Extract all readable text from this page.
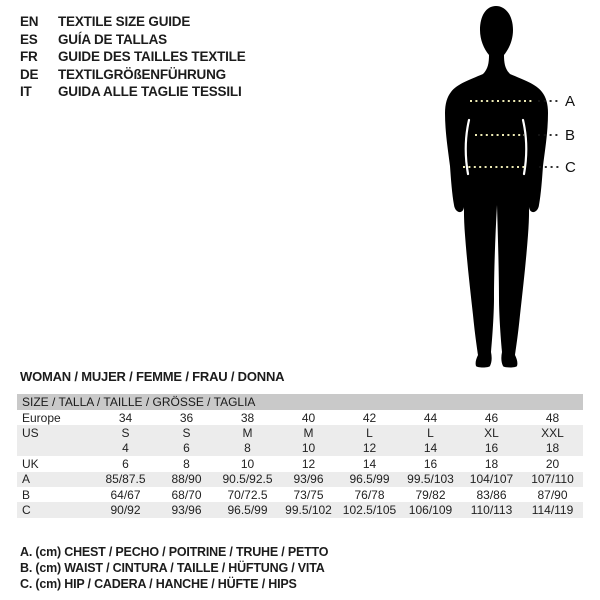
EN	TEXTILE SIZE GUIDE
ES	GUÍA DE TALLAS
FR	GUIDE DES TAILLES TEXTILE
DE	TEXTILGRÖßENFÜHRUNG
IT	GUIDA ALLE TAGLIE TESSILI
A
B
C
WOMAN / MUJER / FEMME / FRAU / DONNA
SIZE / TALLA / TAILLE / GRÖSSE / TAGLIA
Europe	34	36	38	40	42	44	46	48
US	S	S	M	M	L	L	XL	XXL
4	6	8	10	12	14	16	18
UK	6	8	10	12	14	16	18	20
A	85/87.5	88/90	90.5/92.5	93/96	96.5/99	99.5/103	104/107	107/110
B	64/67	68/70	70/72.5	73/75	76/78	79/82	83/86	87/90
C	90/92	93/96	96.5/99	99.5/102 102.5/105	106/109	110/113	114/119
A. (cm) CHEST / PECHO / POITRINE / TRUHE / PETTO
B. (cm) WAIST / CINTURA / TAILLE / HÜFTUNG / VITA
C. (cm) HIP / CADERA / HANCHE / HÜFTE / HIPS
